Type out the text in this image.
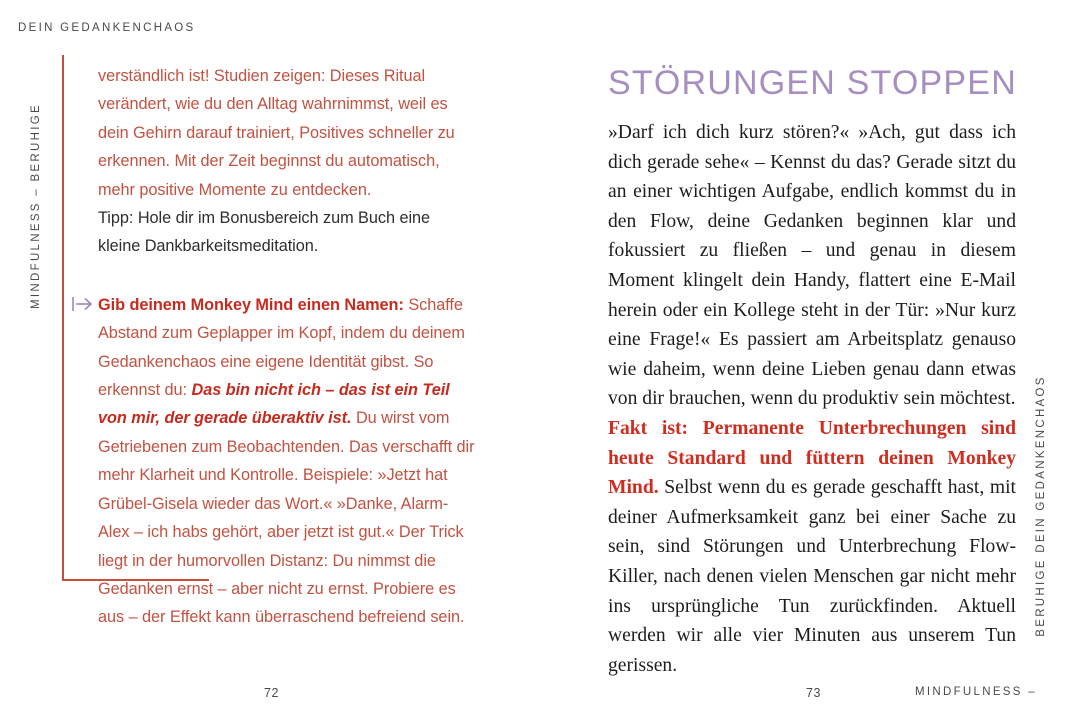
DEIN GEDANKENCHAOS
MINDFULNESS – BERUHIGE

verständlich ist! Studien zeigen: Dieses Ritual verändert, wie du den Alltag wahrnimmst, weil es dein Gehirn darauf trainiert, Positives schneller zu erkennen. Mit der Zeit beginnst du automatisch, mehr positive Momente zu entdecken.

Tipp: Hole dir im Bonusbereich zum Buch eine kleine Dankbarkeitsmeditation.

Gib deinem Monkey Mind einen Namen: Schaffe Abstand zum Geplapper im Kopf, indem du deinem Gedankenchaos eine eigene Identität gibst. So erkennst du: Das bin nicht ich – das ist ein Teil von mir, der gerade überaktiv ist. Du wirst vom Getriebenen zum Beobachtenden. Das verschafft dir mehr Klarheit und Kontrolle. Beispiele: »Jetzt hat Grübel-Gisela wieder das Wort.« »Danke, Alarm-Alex – ich habs gehört, aber jetzt ist gut.« Der Trick liegt in der humorvollen Distanz: Du nimmst die Gedanken ernst – aber nicht zu ernst. Probiere es aus – der Effekt kann überraschend befreiend sein.

72
STÖRUNGEN STOPPEN

»Darf ich dich kurz stören?« »Ach, gut dass ich dich gerade sehe« – Kennst du das? Gerade sitzt du an einer wichtigen Aufgabe, endlich kommst du in den Flow, deine Gedanken beginnen klar und fokussiert zu fließen – und genau in diesem Moment klingelt dein Handy, flattert eine E-Mail herein oder ein Kollege steht in der Tür: »Nur kurz eine Frage!« Es passiert am Arbeitsplatz genauso wie daheim, wenn deine Lieben genau dann etwas von dir brauchen, wenn du produktiv sein möchtest.

Fakt ist: Permanente Unterbrechungen sind heute Standard und füttern deinen Monkey Mind. Selbst wenn du es gerade geschafft hast, mit deiner Aufmerksamkeit ganz bei einer Sache zu sein, sind Störungen und Unterbrechung Flow-Killer, nach denen vielen Menschen gar nicht mehr ins ursprüngliche Tun zurückfinden. Aktuell werden wir alle vier Minuten aus unserem Tun gerissen.

BERUHIGE DEIN GEDANKENCHAOS
73	MINDFULNESS –
